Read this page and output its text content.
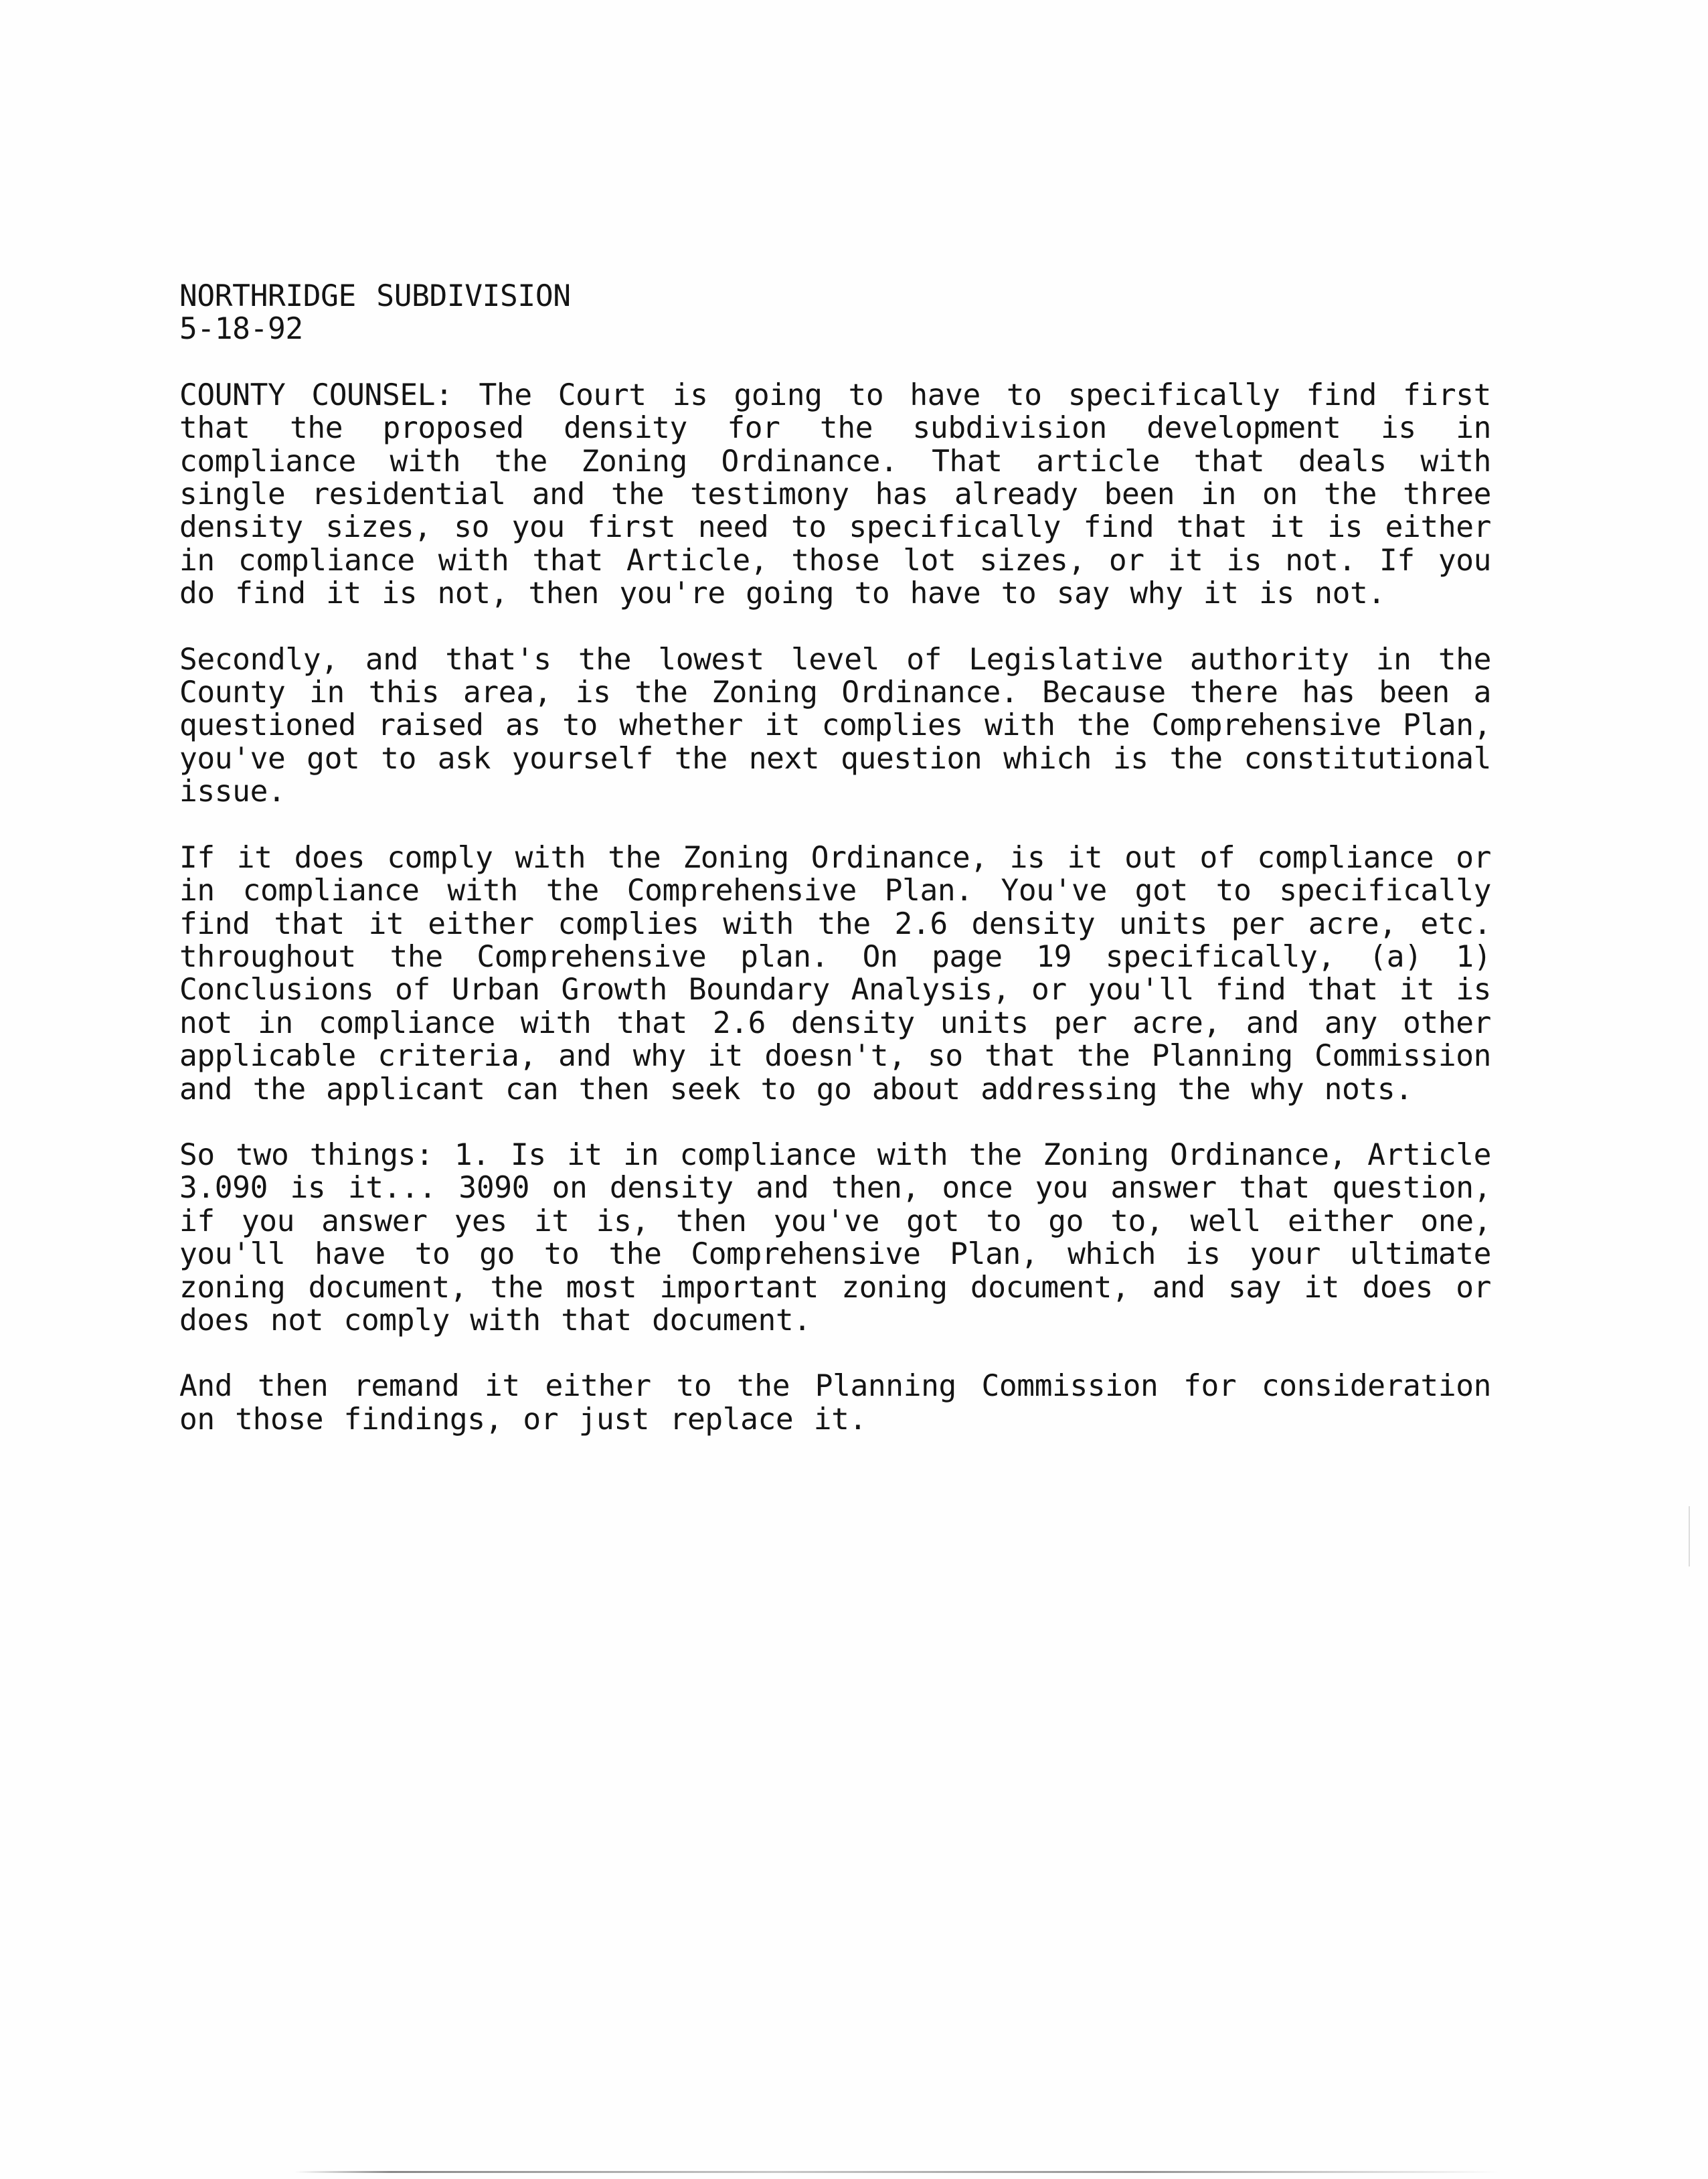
NORTHRIDGE SUBDIVISION
5-18-92

COUNTY COUNSEL: The Court is going to have to specifically find first that the proposed density for the subdivision development is in compliance with the Zoning Ordinance. That article that deals with single residential and the testimony has already been in on the three density sizes, so you first need to specifically find that it is either in compliance with that Article, those lot sizes, or it is not. If you do find it is not, then you're going to have to say why it is not.

Secondly, and that's the lowest level of Legislative authority in the County in this area, is the Zoning Ordinance. Because there has been a questioned raised as to whether it complies with the Comprehensive Plan, you've got to ask yourself the next question which is the constitutional issue.

If it does comply with the Zoning Ordinance, is it out of compliance or in compliance with the Comprehensive Plan. You've got to specifically find that it either complies with the 2.6 density units per acre, etc. throughout the Comprehensive plan. On page 19 specifically, (a) 1) Conclusions of Urban Growth Boundary Analysis, or you'll find that it is not in compliance with that 2.6 density units per acre, and any other applicable criteria, and why it doesn't, so that the Planning Commission and the applicant can then seek to go about addressing the why nots.

So two things: 1. Is it in compliance with the Zoning Ordinance, Article 3.090 is it... 3090 on density and then, once you answer that question, if you answer yes it is, then you've got to go to, well either one, you'll have to go to the Comprehensive Plan, which is your ultimate zoning document, the most important zoning document, and say it does or does not comply with that document.

And then remand it either to the Planning Commission for consideration on those findings, or just replace it.
